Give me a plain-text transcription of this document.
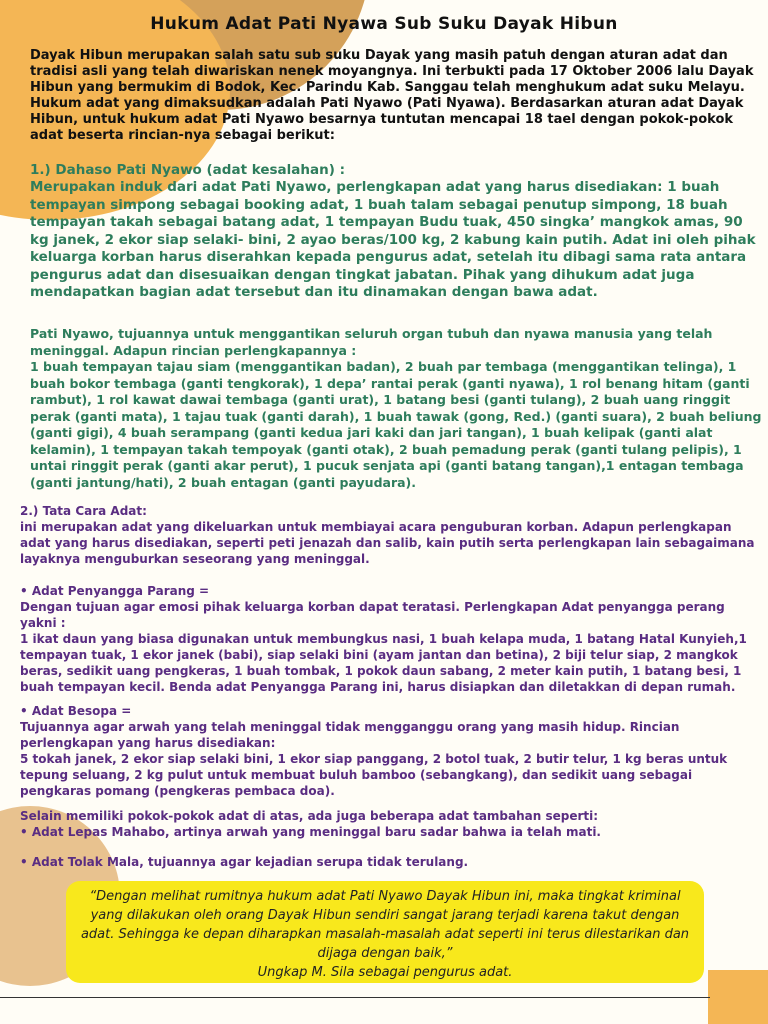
Hukum Adat Pati Nyawa Sub Suku Dayak Hibun

Dayak Hibun merupakan salah satu sub suku Dayak yang masih patuh dengan aturan adat dan tradisi asli yang telah diwariskan nenek moyangnya. Ini terbukti pada 17 Oktober 2006 lalu Dayak Hibun yang bermukim di Bodok, Kec. Parindu Kab. Sanggau telah menghukum adat suku Melayu. Hukum adat yang dimaksudkan adalah Pati Nyawo (Pati Nyawa). Berdasarkan aturan adat Dayak Hibun, untuk hukum adat Pati Nyawo besarnya tuntutan mencapai 18 tael dengan pokok-pokok adat beserta rincian-nya sebagai berikut:

1.) Dahaso Pati Nyawo (adat kesalahan) :

Merupakan induk dari adat Pati Nyawo, perlengkapan adat yang harus disediakan: 1 buah tempayan simpong sebagai booking adat, 1 buah talam sebagai penutup simpong, 18 buah tempayan takah sebagai batang adat, 1 tempayan Budu tuak, 450 singka’ mangkok amas, 90 kg janek, 2 ekor siap selaki- bini, 2 ayao beras/100 kg, 2 kabung kain putih. Adat ini oleh pihak keluarga korban harus diserahkan kepada pengurus adat, setelah itu dibagi sama rata antara pengurus adat dan disesuaikan dengan tingkat jabatan. Pihak yang dihukum adat juga mendapatkan bagian adat tersebut dan itu dinamakan dengan bawa adat.

Pati Nyawo, tujuannya untuk menggantikan seluruh organ tubuh dan nyawa manusia yang telah meninggal. Adapun rincian perlengkapannya :

1 buah tempayan tajau siam (menggantikan badan), 2 buah par tembaga (menggantikan telinga), 1 buah bokor tembaga (ganti tengkorak), 1 depa’ rantai perak (ganti nyawa), 1 rol benang hitam (ganti rambut), 1 rol kawat dawai tembaga (ganti urat), 1 batang besi (ganti tulang), 2 buah uang ringgit perak (ganti mata), 1 tajau tuak (ganti darah), 1 buah tawak (gong, Red.) (ganti suara), 2 buah beliung (ganti gigi), 4 buah serampang (ganti kedua jari kaki dan jari tangan), 1 buah kelipak (ganti alat kelamin), 1 tempayan takah tempoyak (ganti otak), 2 buah pemadung perak (ganti tulang pelipis), 1 untai ringgit perak (ganti akar perut), 1 pucuk senjata api (ganti batang tangan),1 entagan tembaga (ganti jantung/hati), 2 buah entagan (ganti payudara).

2.) Tata Cara Adat:

ini merupakan adat yang dikeluarkan untuk membiayai acara penguburan korban. Adapun perlengkapan adat yang harus disediakan, seperti peti jenazah dan salib, kain putih serta perlengkapan lain sebagaimana layaknya menguburkan seseorang yang meninggal.

• Adat Penyangga Parang =

Dengan tujuan agar emosi pihak keluarga korban dapat teratasi. Perlengkapan Adat penyangga perang yakni :

1 ikat daun yang biasa digunakan untuk membungkus nasi, 1 buah kelapa muda, 1 batang Hatal Kunyieh,1 tempayan tuak, 1 ekor janek (babi), siap selaki bini (ayam jantan dan betina), 2 biji telur siap, 2 mangkok beras, sedikit uang pengkeras, 1 buah tombak, 1 pokok daun sabang, 2 meter kain putih, 1 batang besi, 1 buah tempayan kecil. Benda adat Penyangga Parang ini, harus disiapkan dan diletakkan di depan rumah.

• Adat Besopa =

Tujuannya agar arwah yang telah meninggal tidak mengganggu orang yang masih hidup. Rincian perlengkapan yang harus disediakan:

5 tokah janek, 2 ekor siap selaki bini, 1 ekor siap panggang, 2 botol tuak, 2 butir telur, 1 kg beras untuk tepung seluang, 2 kg pulut untuk membuat buluh bamboo (sebangkang), dan sedikit uang sebagai pengkaras pomang (pengkeras pembaca doa).

Selain memiliki pokok-pokok adat di atas, ada juga beberapa adat tambahan seperti:

• Adat Lepas Mahabo, artinya arwah yang meninggal baru sadar bahwa ia telah mati.

• Adat Tolak Mala, tujuannya agar kejadian serupa tidak terulang.

“Dengan melihat rumitnya hukum adat Pati Nyawo Dayak Hibun ini, maka tingkat kriminal yang dilakukan oleh orang Dayak Hibun sendiri sangat jarang terjadi karena takut dengan adat. Sehingga ke depan diharapkan masalah-masalah adat seperti ini terus dilestarikan dan dijaga dengan baik,”

Ungkap M. Sila sebagai pengurus adat.
